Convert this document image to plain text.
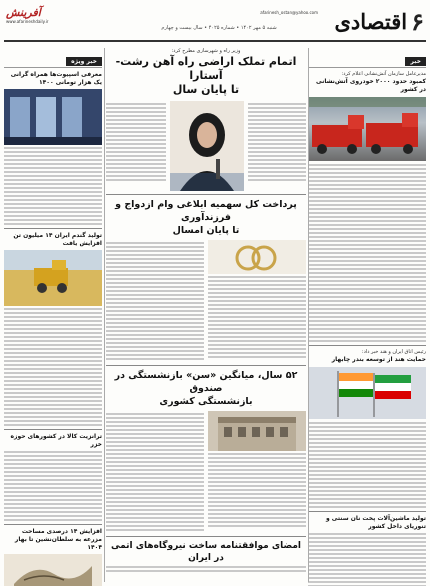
۶
اقتصادی
afarinesh_ostan@yahoo.com
شنبه ۵ مهر ۱۴۰۲ • شماره ۴۰۲۵ • سال بیست و چهارم
آفرینش
www.afarineshdaily.ir
خبر
مدیرعامل سازمان آتش‌نشانی اعلام کرد:
کمبود حدود ۲۰۰۰ خودروی آتش‌نشانی در کشور
رئیس اتاق ایران و هند خبر داد:
حمایت هند از توسعه بندر چابهار
تولید ماشین‌آلات پخت نان سنتی و تنوریای داخل کشور
وزیر راه و شهرسازی مطرح کرد:
اتمام تملک اراضی راه آهن رشت-آستارا
تا پایان سال
پرداخت کل سهمیه ابلاغی وام ازدواج و فرزندآوری
تا پایان امسال
۵۲ سال، میانگین «سن» بازنشستگی در صندوق
بازنشستگی کشوری
امضای موافقتنامه ساخت نیروگاه‌های اتمی در ایران
خبر ویژه
معرفی اسپیوت‌ها همراه گرانی یک هزار تومانی ۱۴۰۰
تولید گندم ایران ۱۴ میلیون تن افزایش یافت
ترانزیت کالا در کشورهای حوزه خزر
افزایش ۱۴ درصدی مساحت مزرعه به سلطان‌نشین تا بهار ۱۴۰۴
